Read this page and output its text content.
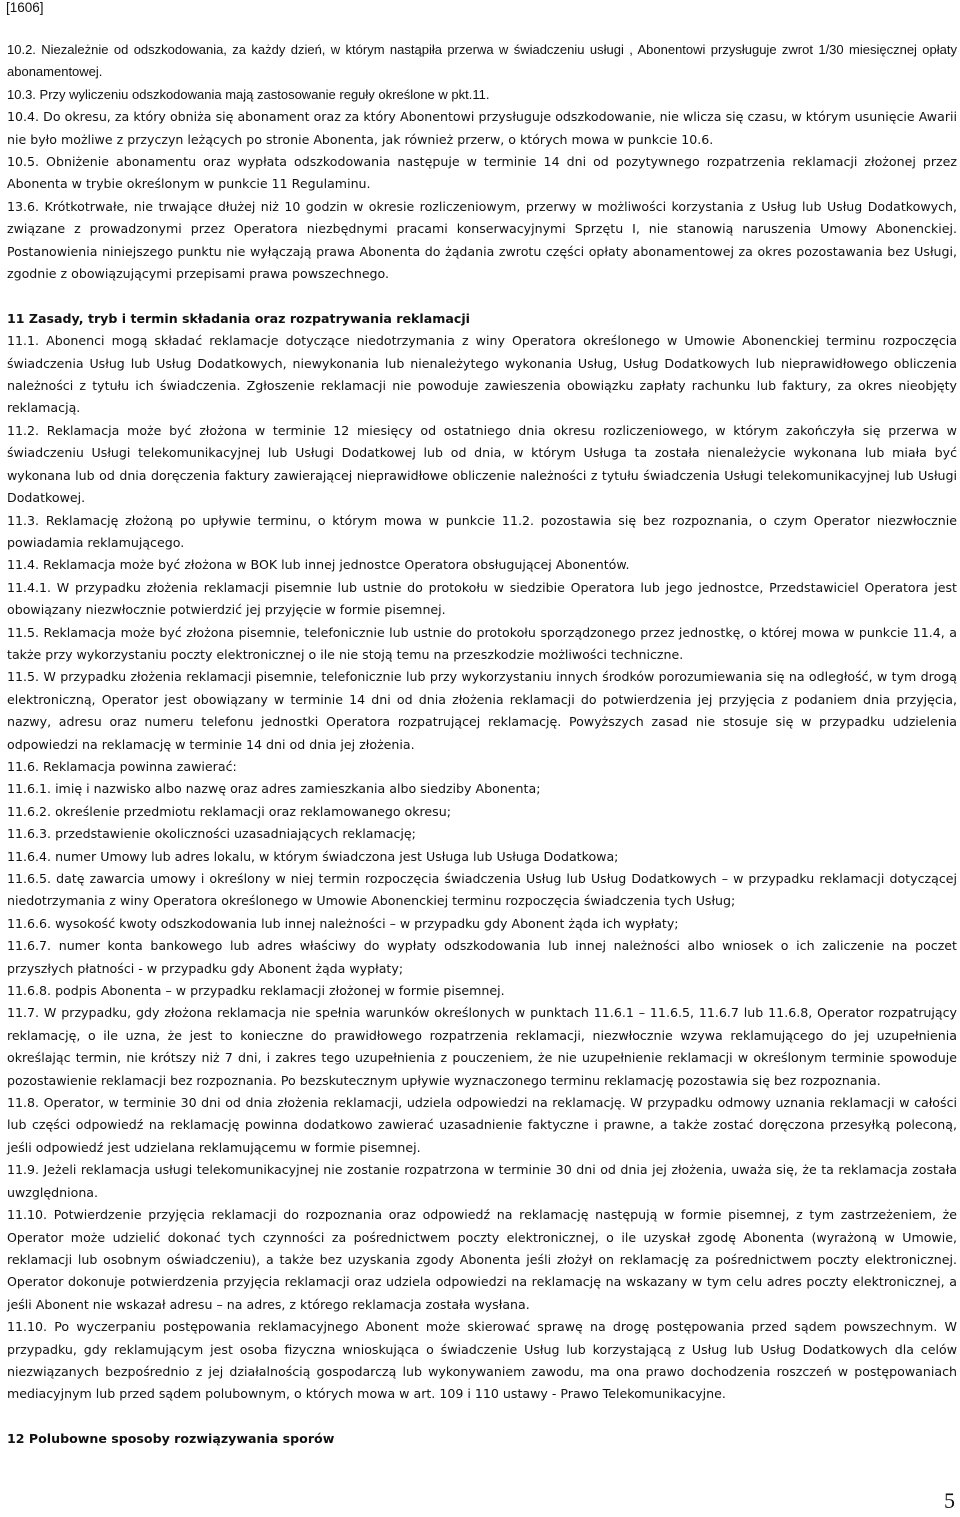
[1606]

10.2. Niezależnie od odszkodowania, za każdy dzień, w którym nastąpiła przerwa w świadczeniu usługi , Abonentowi przysługuje zwrot 1/30 miesięcznej opłaty abonamentowej.

10.3. Przy wyliczeniu odszkodowania mają zastosowanie reguły określone w pkt.11.

10.4. Do okresu, za który obniża się abonament oraz za który Abonentowi przysługuje odszkodowanie, nie wlicza się czasu, w którym usunięcie Awarii nie było możliwe z przyczyn leżących po stronie Abonenta, jak również przerw, o których mowa w punkcie 10.6.

10.5. Obniżenie abonamentu oraz wypłata odszkodowania następuje w terminie 14 dni od pozytywnego rozpatrzenia reklamacji złożonej przez Abonenta w trybie określonym w punkcie 11 Regulaminu.

13.6. Krótkotrwałe, nie trwające dłużej niż 10 godzin w okresie rozliczeniowym, przerwy w możliwości korzystania z Usług lub Usług Dodatkowych, związane z prowadzonymi przez Operatora niezbędnymi pracami konserwacyjnymi Sprzętu I, nie stanowią naruszenia Umowy Abonenckiej. Postanowienia niniejszego punktu nie wyłączają prawa Abonenta do żądania zwrotu części opłaty abonamentowej za okres pozostawania bez Usługi, zgodnie z obowiązującymi przepisami prawa powszechnego.

11 Zasady, tryb i termin składania oraz rozpatrywania reklamacji

11.1. Abonenci mogą składać reklamacje dotyczące niedotrzymania z winy Operatora określonego w Umowie Abonenckiej terminu rozpoczęcia świadczenia Usług lub Usług Dodatkowych, niewykonania lub nienależytego wykonania Usług, Usług Dodatkowych lub nieprawidłowego obliczenia należności z tytułu ich świadczenia. Zgłoszenie reklamacji nie powoduje zawieszenia obowiązku zapłaty rachunku lub faktury, za okres nieobjęty reklamacją.

11.2. Reklamacja może być złożona w terminie 12 miesięcy od ostatniego dnia okresu rozliczeniowego, w którym zakończyła się przerwa w świadczeniu Usługi telekomunikacyjnej lub Usługi Dodatkowej lub od dnia, w którym Usługa ta została nienależycie wykonana lub miała być wykonana lub od dnia doręczenia faktury zawierającej nieprawidłowe obliczenie należności z tytułu świadczenia Usługi telekomunikacyjnej lub Usługi Dodatkowej.

11.3. Reklamację złożoną po upływie terminu, o którym mowa w punkcie 11.2. pozostawia się bez rozpoznania, o czym Operator niezwłocznie powiadamia reklamującego.

11.4. Reklamacja może być złożona w BOK lub innej jednostce Operatora obsługującej Abonentów.

11.4.1. W przypadku złożenia reklamacji pisemnie lub ustnie do protokołu w siedzibie Operatora lub jego jednostce, Przedstawiciel Operatora jest obowiązany niezwłocznie potwierdzić jej przyjęcie w formie pisemnej.

11.5. Reklamacja może być złożona pisemnie, telefonicznie lub ustnie do protokołu sporządzonego przez jednostkę, o której mowa w punkcie 11.4, a także przy wykorzystaniu poczty elektronicznej o ile nie stoją temu na przeszkodzie możliwości techniczne.

11.5. W przypadku złożenia reklamacji pisemnie, telefonicznie lub przy wykorzystaniu innych środków porozumiewania się na odległość, w tym drogą elektroniczną, Operator jest obowiązany w terminie 14 dni od dnia złożenia reklamacji do potwierdzenia jej przyjęcia z podaniem dnia przyjęcia, nazwy, adresu oraz numeru telefonu jednostki Operatora rozpatrującej reklamację. Powyższych zasad nie stosuje się w przypadku udzielenia odpowiedzi na reklamację w terminie 14 dni od dnia jej złożenia.

11.6. Reklamacja powinna zawierać:

11.6.1. imię i nazwisko albo nazwę oraz adres zamieszkania albo siedziby Abonenta;

11.6.2. określenie przedmiotu reklamacji oraz reklamowanego okresu;

11.6.3. przedstawienie okoliczności uzasadniających reklamację;

11.6.4. numer Umowy lub adres lokalu, w którym świadczona jest Usługa lub Usługa Dodatkowa;

11.6.5. datę zawarcia umowy i określony w niej termin rozpoczęcia świadczenia Usług lub Usług Dodatkowych – w przypadku reklamacji dotyczącej niedotrzymania z winy Operatora określonego w Umowie Abonenckiej terminu rozpoczęcia świadczenia tych Usług;

11.6.6. wysokość kwoty odszkodowania lub innej należności – w przypadku gdy Abonent żąda ich wypłaty;

11.6.7. numer konta bankowego lub adres właściwy do wypłaty odszkodowania lub innej należności albo wniosek o ich zaliczenie na poczet przyszłych płatności - w przypadku gdy Abonent żąda wypłaty;

11.6.8. podpis Abonenta – w przypadku reklamacji złożonej w formie pisemnej.

11.7. W przypadku, gdy złożona reklamacja nie spełnia warunków określonych w punktach 11.6.1 – 11.6.5, 11.6.7 lub 11.6.8, Operator rozpatrujący reklamację, o ile uzna, że jest to konieczne do prawidłowego rozpatrzenia reklamacji, niezwłocznie wzywa reklamującego do jej uzupełnienia określając termin, nie krótszy niż 7 dni, i zakres tego uzupełnienia z pouczeniem, że nie uzupełnienie reklamacji w określonym terminie spowoduje pozostawienie reklamacji bez rozpoznania. Po bezskutecznym upływie wyznaczonego terminu reklamację pozostawia się bez rozpoznania.

11.8. Operator, w terminie 30 dni od dnia złożenia reklamacji, udziela odpowiedzi na reklamację. W przypadku odmowy uznania reklamacji w całości lub części odpowiedź na reklamację powinna dodatkowo zawierać uzasadnienie faktyczne i prawne, a także zostać doręczona przesyłką poleconą, jeśli odpowiedź jest udzielana reklamującemu w formie pisemnej.

11.9. Jeżeli reklamacja usługi telekomunikacyjnej nie zostanie rozpatrzona w terminie 30 dni od dnia jej złożenia, uważa się, że ta reklamacja została uwzględniona.

11.10. Potwierdzenie przyjęcia reklamacji do rozpoznania oraz odpowiedź na reklamację następują w formie pisemnej, z tym zastrzeżeniem, że Operator może udzielić dokonać tych czynności za pośrednictwem poczty elektronicznej, o ile uzyskał zgodę Abonenta (wyrażoną w Umowie, reklamacji lub osobnym oświadczeniu), a także bez uzyskania zgody Abonenta jeśli złożył on reklamację za pośrednictwem poczty elektronicznej. Operator dokonuje potwierdzenia przyjęcia reklamacji oraz udziela odpowiedzi na reklamację na wskazany w tym celu adres poczty elektronicznej, a jeśli Abonent nie wskazał adresu – na adres, z którego reklamacja została wysłana.

11.10. Po wyczerpaniu postępowania reklamacyjnego Abonent może skierować sprawę na drogę postępowania przed sądem powszechnym. W przypadku, gdy reklamującym jest osoba fizyczna wnioskująca o świadczenie Usług lub korzystającą z Usług lub Usług Dodatkowych dla celów niezwiązanych bezpośrednio z jej działalnością gospodarczą lub wykonywaniem zawodu, ma ona prawo dochodzenia roszczeń w postępowaniach mediacyjnym lub przed sądem polubownym, o których mowa w art. 109 i 110 ustawy - Prawo Telekomunikacyjne.

12 Polubowne sposoby rozwiązywania sporów

5
